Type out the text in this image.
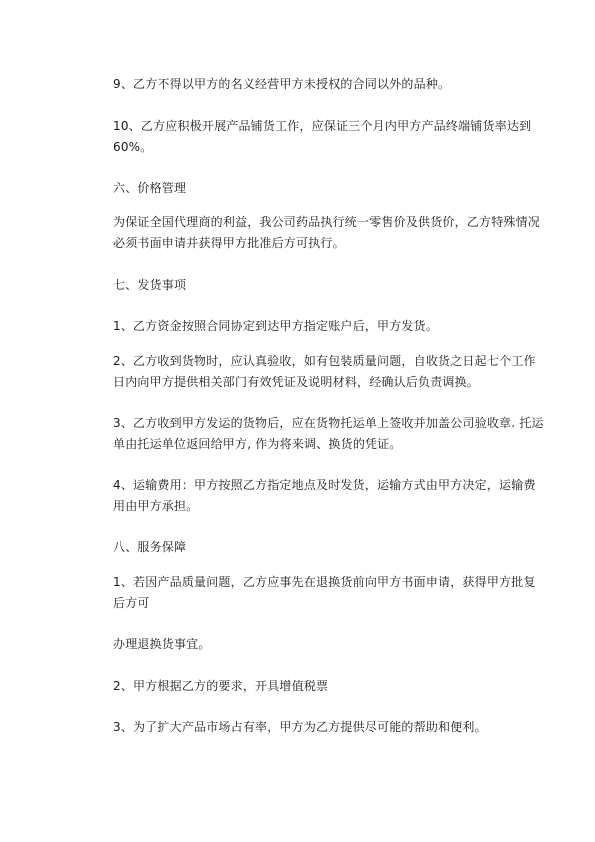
9、乙方不得以甲方的名义经营甲方未授权的合同以外的品种。
10、乙方应积极开展产品铺货工作，应保证三个月内甲方产品终端铺货率达到
60%。
六、价格管理
为保证全国代理商的利益，我公司药品执行统一零售价及供货价，乙方特殊情况
必须书面申请并获得甲方批准后方可执行。
七、发货事项
1、乙方资金按照合同协定到达甲方指定账户后，甲方发货。
2、乙方收到货物时，应认真验收，如有包装质量问题，自收货之日起七个工作
日内向甲方提供相关部门有效凭证及说明材料，经确认后负责调换。
3、乙方收到甲方发运的货物后，应在货物托运单上签收并加盖公司验收章. 托运
单由托运单位返回给甲方, 作为将来调、换货的凭证。
4、运输费用：甲方按照乙方指定地点及时发货，运输方式由甲方决定，运输费
用由甲方承担。
八、服务保障
1、若因产品质量问题，乙方应事先在退换货前向甲方书面申请，获得甲方批复
后方可
办理退换货事宜。
2、甲方根据乙方的要求，开具增值税票
3、为了扩大产品市场占有率，甲方为乙方提供尽可能的帮助和便利。
